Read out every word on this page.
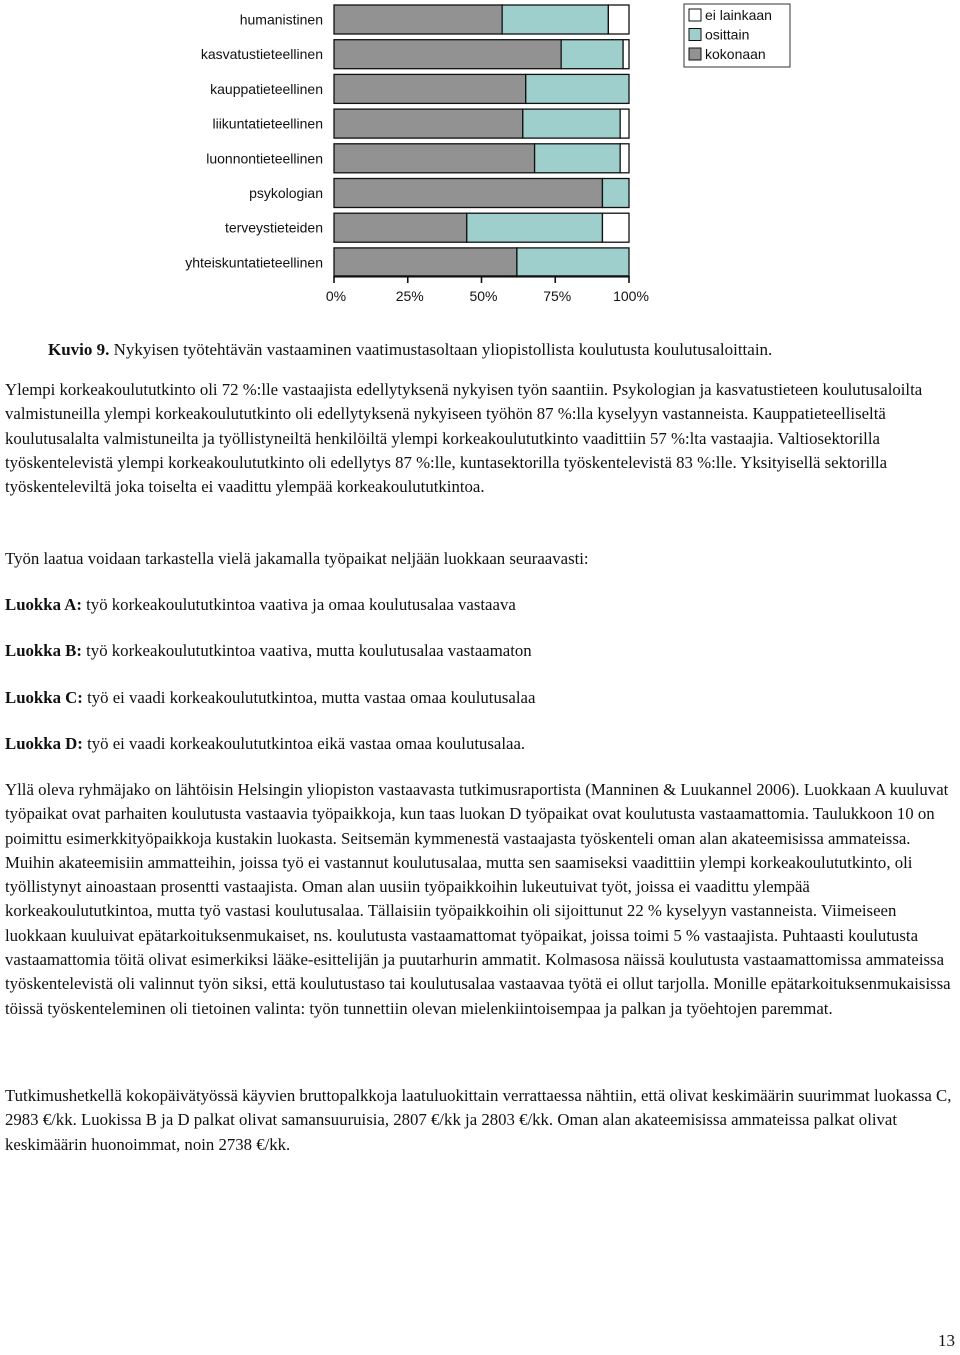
humanistinen
kasvatustieteellinen
kauppatieteellinen
liikuntatieteellinen
luonnontieteellinen
psykologian
terveystieteiden
yhteiskuntatieteellinen
0%	25%	50%	75%	100%
ei lainkaan
osittain
kokonaan

Kuvio 9. Nykyisen työtehtävän vastaaminen vaatimustasoltaan yliopistollista koulutusta koulutusaloittain.

Ylempi korkeakoulututkinto oli 72 %:lle vastaajista edellytyksenä nykyisen työn saantiin. Psykologian ja kasvatustieteen koulutusaloilta valmistuneilla ylempi korkeakoulututkinto oli edellytyksenä nykyiseen työhön 87 %:lla kyselyyn vastanneista. Kauppatieteelliseltä koulutusalalta valmistuneilta ja työllistyneiltä henkilöiltä ylempi korkeakoulututkinto vaadittiin 57 %:lta vastaajia. Valtiosektorilla työskentelevistä ylempi korkeakoulututkinto oli edellytys 87 %:lle, kuntasektorilla työskentelevistä 83 %:lle. Yksityisellä sektorilla työskenteleviltä joka toiselta ei vaadittu ylempää korkeakoulututkintoa.

Työn laatua voidaan tarkastella vielä jakamalla työpaikat neljään luokkaan seuraavasti:

Luokka A: työ korkeakoulututkintoa vaativa ja omaa koulutusalaa vastaava

Luokka B: työ korkeakoulututkintoa vaativa, mutta koulutusalaa vastaamaton

Luokka C: työ ei vaadi korkeakoulututkintoa, mutta vastaa omaa koulutusalaa

Luokka D: työ ei vaadi korkeakoulututkintoa eikä vastaa omaa koulutusalaa.

Yllä oleva ryhmäjako on lähtöisin Helsingin yliopiston vastaavasta tutkimusraportista (Manninen & Luukannel 2006). Luokkaan A kuuluvat työpaikat ovat parhaiten koulutusta vastaavia työpaikkoja, kun taas luokan D työpaikat ovat koulutusta vastaamattomia. Taulukkoon 10 on poimittu esimerkkityöpaikkoja kustakin luokasta. Seitsemän kymmenestä vastaajasta työskenteli oman alan akateemisissa ammateissa. Muihin akateemisiin ammatteihin, joissa työ ei vastannut koulutusalaa, mutta sen saamiseksi vaadittiin ylempi korkeakoulututkinto, oli työllistynyt ainoastaan prosentti vastaajista. Oman alan uusiin työpaikkoihin lukeutuivat työt, joissa ei vaadittu ylempää korkeakoulututkintoa, mutta työ vastasi koulutusalaa. Tällaisiin työpaikkoihin oli sijoittunut 22 % kyselyyn vastanneista. Viimeiseen luokkaan kuuluivat epätarkoituksenmukaiset, ns. koulutusta vastaamattomat työpaikat, joissa toimi 5 % vastaajista. Puhtaasti koulutusta vastaamattomia töitä olivat esimerkiksi lääke-esittelijän ja puutarhurin ammatit. Kolmasosa näissä koulutusta vastaamattomissa ammateissa työskentelevistä oli valinnut työn siksi, että koulutustaso tai koulutusalaa vastaavaa työtä ei ollut tarjolla. Monille epätarkoituksenmukaisissa töissä työskenteleminen oli tietoinen valinta: työn tunnettiin olevan mielenkiintoisempaa ja palkan ja työehtojen paremmat.

Tutkimushetkellä kokopäivätyössä käyvien bruttopalkkoja laatuluokittain verrattaessa nähtiin, että olivat keskimäärin suurimmat luokassa C, 2983 €/kk. Luokissa B ja D palkat olivat samansuuruisia, 2807 €/kk ja 2803 €/kk. Oman alan akateemisissa ammateissa palkat olivat keskimäärin huonoimmat, noin 2738 €/kk.

13
